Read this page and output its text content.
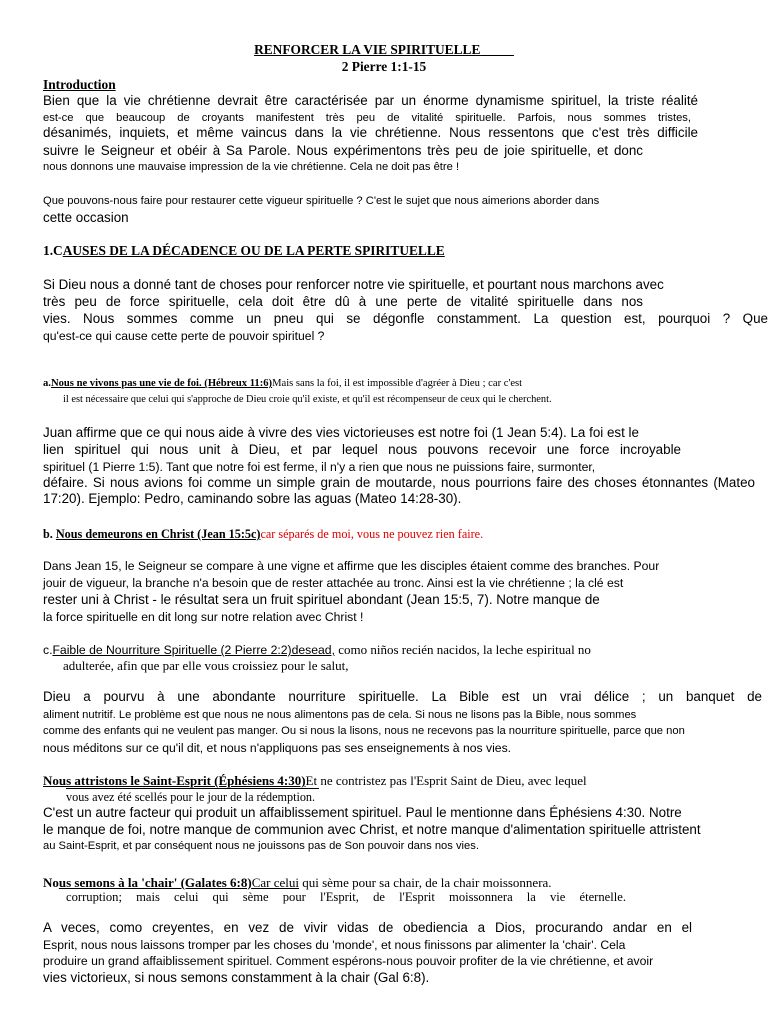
RENFORCER LA VIE SPIRITUELLE
2 Pierre 1:1-15
Introduction
Bien que la vie chrétienne devrait être caractérisée par un énorme dynamisme spirituel, la triste réalité
est-ce que beaucoup de croyants manifestent très peu de vitalité spirituelle. Parfois, nous sommes tristes,
désanimés, inquiets, et même vaincus dans la vie chrétienne. Nous ressentons que c'est très difficile
suivre le Seigneur et obéir à Sa Parole. Nous expérimentons très peu de joie spirituelle, et donc
nous donnons une mauvaise impression de la vie chrétienne. Cela ne doit pas être !
Que pouvons-nous faire pour restaurer cette vigueur spirituelle ? C'est le sujet que nous aimerions aborder dans
cette occasion
1.CAUSES DE LA DÉCADENCE OU DE LA PERTE SPIRITUELLE
Si Dieu nous a donné tant de choses pour renforcer notre vie spirituelle, et pourtant nous marchons avec
très peu de force spirituelle, cela doit être dû à une perte de vitalité spirituelle dans nos
vies. Nous sommes comme un pneu qui se dégonfle constamment. La question est, pourquoi ? Que
qu'est-ce qui cause cette perte de pouvoir spirituel ?
a.Nous ne vivons pas une vie de foi. (Hébreux 11:6)Mais sans la foi, il est impossible d'agréer à Dieu ; car c'est
il est nécessaire que celui qui s'approche de Dieu croie qu'il existe, et qu'il est récompenseur de ceux qui le cherchent.
Juan affirme que ce qui nous aide à vivre des vies victorieuses est notre foi (1 Jean 5:4). La foi est le
lien spirituel qui nous unit à Dieu, et par lequel nous pouvons recevoir une force incroyable
spirituel (1 Pierre 1:5). Tant que notre foi est ferme, il n'y a rien que nous ne puissions faire, surmonter,
défaire. Si nous avions foi comme un simple grain de moutarde, nous pourrions faire des choses étonnantes (Mateo 17:20). Ejemplo: Pedro, caminando sobre las aguas (Mateo 14:28-30).
b. Nous demeurons en Christ (Jean 15:5c)car séparés de moi, vous ne pouvez rien faire.
Dans Jean 15, le Seigneur se compare à une vigne et affirme que les disciples étaient comme des branches. Pour
jouir de vigueur, la branche n'a besoin que de rester attachée au tronc. Ainsi est la vie chrétienne ; la clé est
rester uni à Christ - le résultat sera un fruit spirituel abondant (Jean 15:5, 7). Notre manque de
la force spirituelle en dit long sur notre relation avec Christ !
c.Faible de Nourriture Spirituelle (2 Pierre 2:2)desead, como niños recién nacidos, la leche espiritual no
adulterée, afin que par elle vous croissiez pour le salut,
Dieu a pourvu à une abondante nourriture spirituelle. La Bible est un vrai délice ; un banquet de
aliment nutritif. Le problème est que nous ne nous alimentons pas de cela. Si nous ne lisons pas la Bible, nous sommes
comme des enfants qui ne veulent pas manger. Ou si nous la lisons, nous ne recevons pas la nourriture spirituelle, parce que non
nous méditons sur ce qu'il dit, et nous n'appliquons pas ses enseignements à nos vies.
Nous attristons le Saint-Esprit (Éphésiens 4:30)Et ne contristez pas l'Esprit Saint de Dieu, avec lequel
vous avez été scellés pour le jour de la rédemption.
C'est un autre facteur qui produit un affaiblissement spirituel. Paul le mentionne dans Éphésiens 4:30. Notre
le manque de foi, notre manque de communion avec Christ, et notre manque d'alimentation spirituelle attristent
au Saint-Esprit, et par conséquent nous ne jouissons pas de Son pouvoir dans nos vies.
Nous semons à la 'chair' (Galates 6:8)Car celui qui sème pour sa chair, de la chair moissonnera.
corruption; mais celui qui sème pour l'Esprit, de l'Esprit moissonnera la vie éternelle.
A veces, como creyentes, en vez de vivir vidas de obediencia a Dios, procurando andar en el
Esprit, nous nous laissons tromper par les choses du 'monde', et nous finissons par alimenter la 'chair'. Cela
produire un grand affaiblissement spirituel. Comment espérons-nous pouvoir profiter de la vie chrétienne, et avoir
vies victorieux, si nous semons constamment à la chair (Gal 6:8).
